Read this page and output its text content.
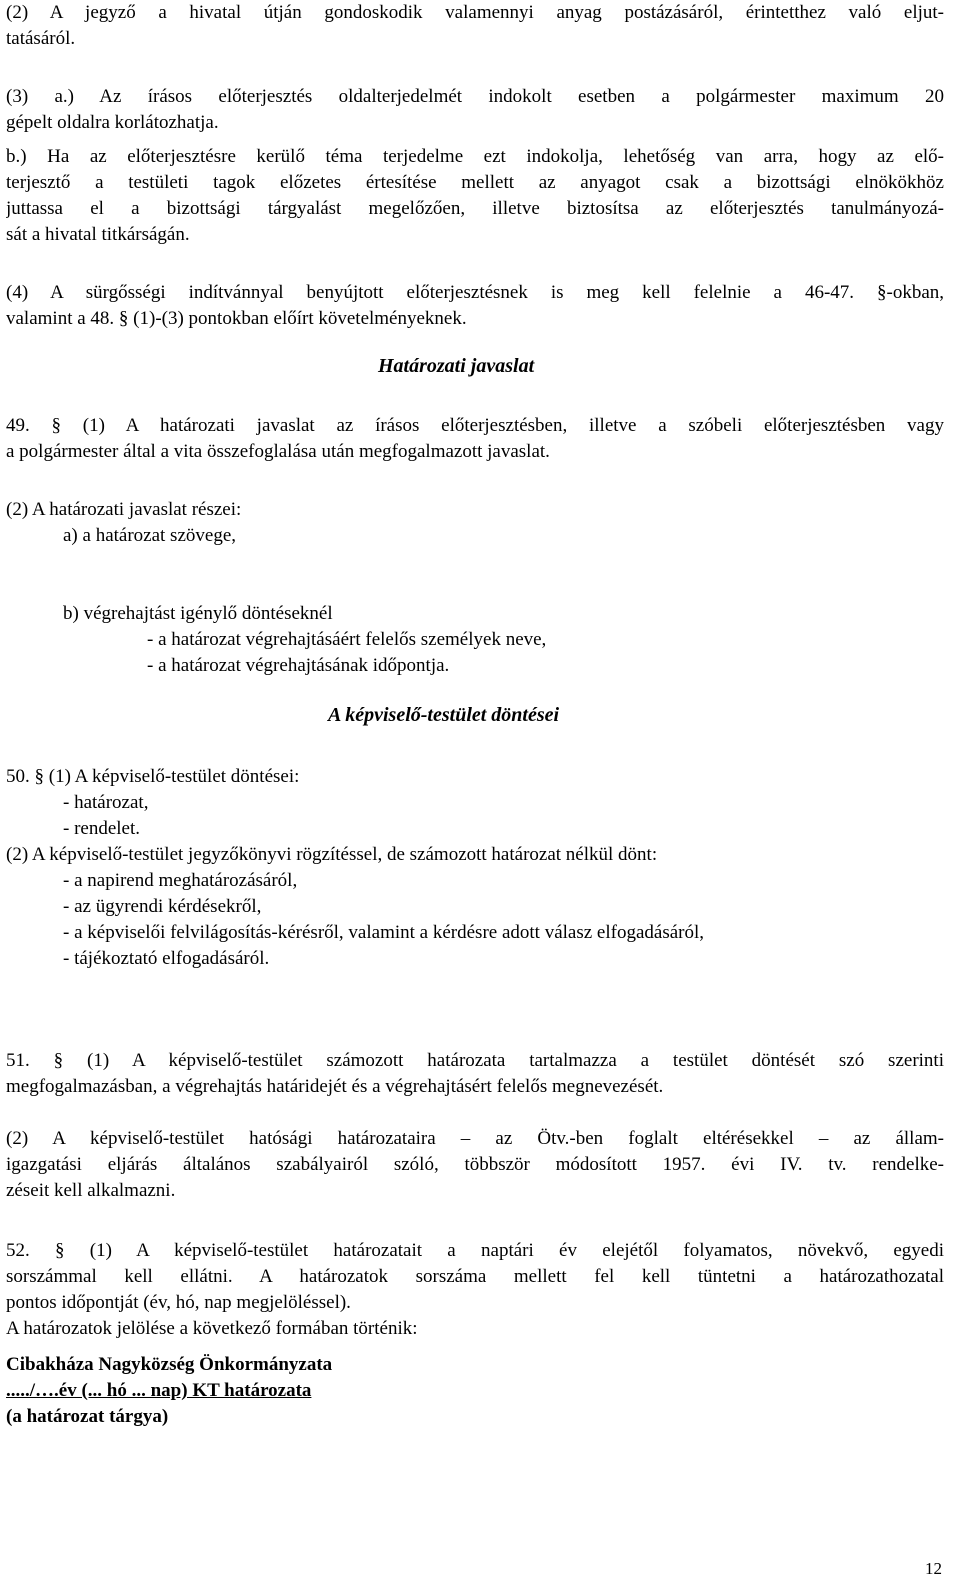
(2) A jegyző a hivatal útján gondoskodik valamennyi anyag postázásáról, érintetthez való eljut-
tatásáról.
(3) a.) Az írásos előterjesztés oldalterjedelmét indokolt esetben a polgármester maximum 20
gépelt oldalra korlátozhatja.
b.) Ha az előterjesztésre kerülő téma terjedelme ezt indokolja, lehetőség van arra, hogy az elő-
terjesztő a testületi tagok előzetes értesítése mellett az anyagot csak a bizottsági elnökökhöz
juttassa el a bizottsági tárgyalást megelőzően, illetve biztosítsa az előterjesztés tanulmányozá-
sát a hivatal titkárságán.
(4) A sürgősségi indítvánnyal benyújtott előterjesztésnek is meg kell felelnie a 46-47. §-okban,
valamint a 48. § (1)-(3) pontokban előírt követelményeknek.
Határozati javaslat
49. § (1) A határozati javaslat az írásos előterjesztésben, illetve a szóbeli előterjesztésben vagy
a polgármester által a vita összefoglalása után megfogalmazott javaslat.
(2) A határozati javaslat részei:
a) a határozat szövege,
b) végrehajtást igénylő döntéseknél
- a határozat végrehajtásáért felelős személyek neve,
- a határozat végrehajtásának időpontja.
A képviselő-testület döntései
50. § (1) A képviselő-testület döntései:
- határozat,
- rendelet.
(2) A képviselő-testület jegyzőkönyvi rögzítéssel, de számozott határozat nélkül dönt:
- a napirend meghatározásáról,
- az ügyrendi kérdésekről,
- a képviselői felvilágosítás-kérésről, valamint a kérdésre adott válasz elfogadásáról,
- tájékoztató elfogadásáról.
51. § (1) A képviselő-testület számozott határozata tartalmazza a testület döntését szó szerinti
megfogalmazásban, a végrehajtás határidejét és a végrehajtásért felelős megnevezését.
(2) A képviselő-testület hatósági határozataira – az Ötv.-ben foglalt eltérésekkel – az állam-
igazgatási eljárás általános szabályairól szóló, többször módosított 1957. évi IV. tv. rendelke-
zéseit kell alkalmazni.
52. § (1) A képviselő-testület határozatait a naptári év elejétől folyamatos, növekvő, egyedi
sorszámmal kell ellátni. A határozatok sorszáma mellett fel kell tüntetni a határozathozatal
pontos időpontját (év, hó, nap megjelöléssel).
A határozatok jelölése a következő formában történik:
Cibakháza Nagyközség Önkormányzata
...../….év (... hó ... nap) KT határozata
(a határozat tárgya)
12
